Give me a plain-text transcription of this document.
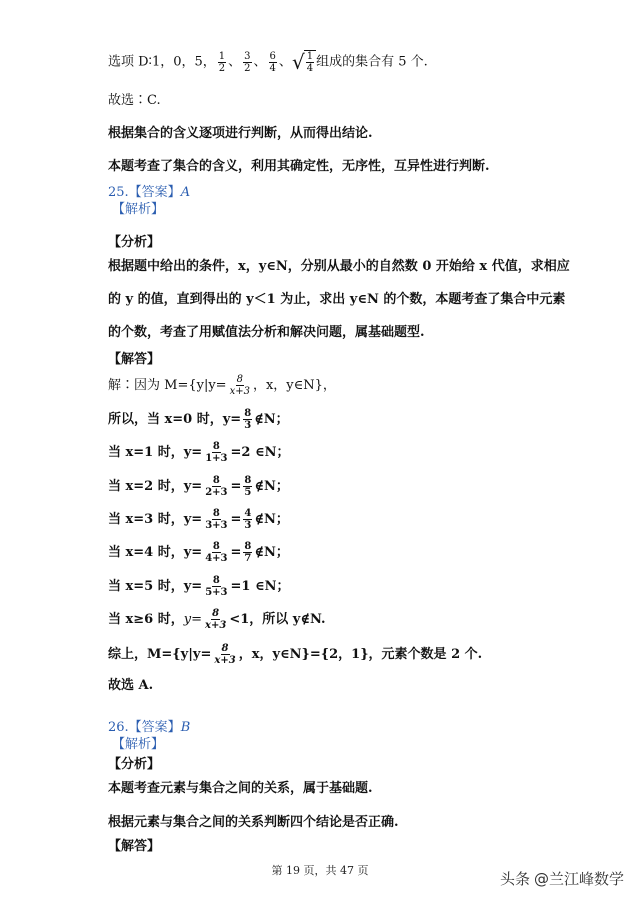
选项 D∶1，0，5， $\frac{1}{2}$ 、 $\frac{3}{2}$ 、 $\frac{6}{4}$ 、 √ $\frac{1}{4}$ 组成的集合有 5 个.
故选∶C.
根据集合的含义逐项进行判断，从而得出结论.
本题考查了集合的含义，利用其确定性，无序性，互异性进行判断.
25.【答案】A
【解析】
【分析】
根据题中给出的条件，x，y∈N，分别从最小的自然数 0 开始给 x 代值，求相应
的 y 的值，直到得出的 y＜1 为止，求出 y∈N 的个数，本题考查了集合中元素
的个数，考查了用赋值法分析和解决问题，属基础题型.
【解答】
解∶因为 $M=\{y|y= \frac{8}{x+3}$ ，x，y∈N}，
所以，当 x=0 时，$y= \frac{8}{3}$ ∉N；
当 x=1 时，$y= \frac{8}{1+3} =2$ ∈N；
当 x=2 时，$y= \frac{8}{2+3} = \frac{8}{5}$ ∉N；
当 x=3 时，$y= \frac{8}{3+3} = \frac{4}{3}$ ∉N；
当 x=4 时，$y= \frac{8}{4+3} = \frac{8}{7}$ ∉N；
当 x=5 时，$y= \frac{8}{5+3} =1$ ∈N；
当 x≥6 时，$y= \frac{8}{x+3} <1$，所以 y∉N.
综上，$M=\{y|y= \frac{8}{x+3}$ ，x，y∈N}={2，1}，元素个数是 2 个.
故选 A.
26.【答案】B
【解析】
【分析】
本题考查元素与集合之间的关系，属于基础题.
根据元素与集合之间的关系判断四个结论是否正确.
【解答】
第 19 页，共 47 页	头条 @兰江峰数学
